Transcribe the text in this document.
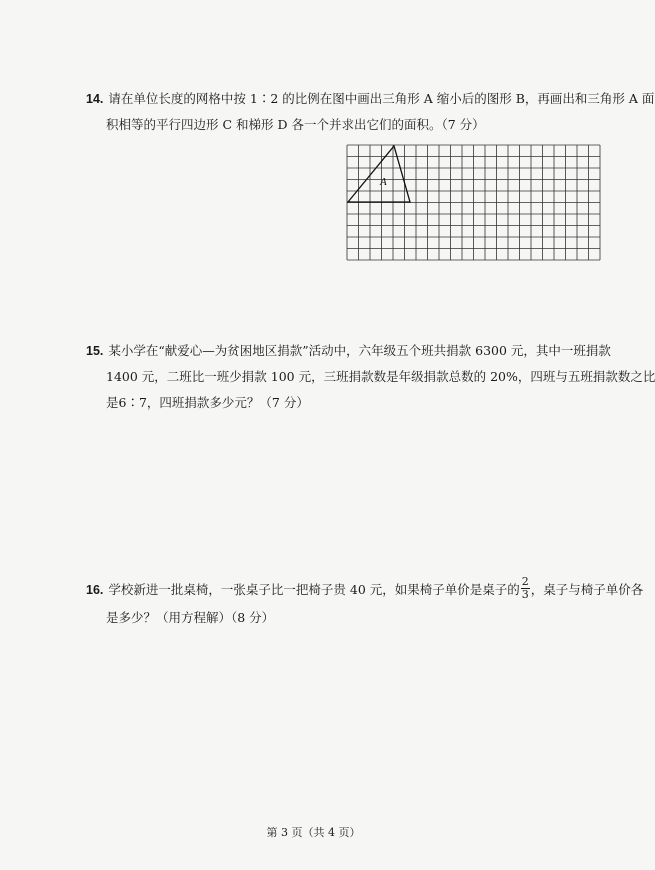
14. 请在单位长度的网格中按 1∶2 的比例在图中画出三角形 A 缩小后的图形 B，再画出和三角形 A 面
积相等的平行四边形 C 和梯形 D 各一个并求出它们的面积。（7 分）
A
15. 某小学在“献爱心—为贫困地区捐款”活动中，六年级五个班共捐款 6300 元，其中一班捐款
1400 元，二班比一班少捐款 100 元，三班捐款数是年级捐款总数的 20%，四班与五班捐款数之比
是6∶7，四班捐款多少元？（7 分）
16. 学校新进一批桌椅，一张桌子比一把椅子贵 40 元，如果椅子单价是桌子的 $\frac{2}{3}$ ，桌子与椅子单价各
是多少？（用方程解）（8 分）
第 3 页（共 4 页）
